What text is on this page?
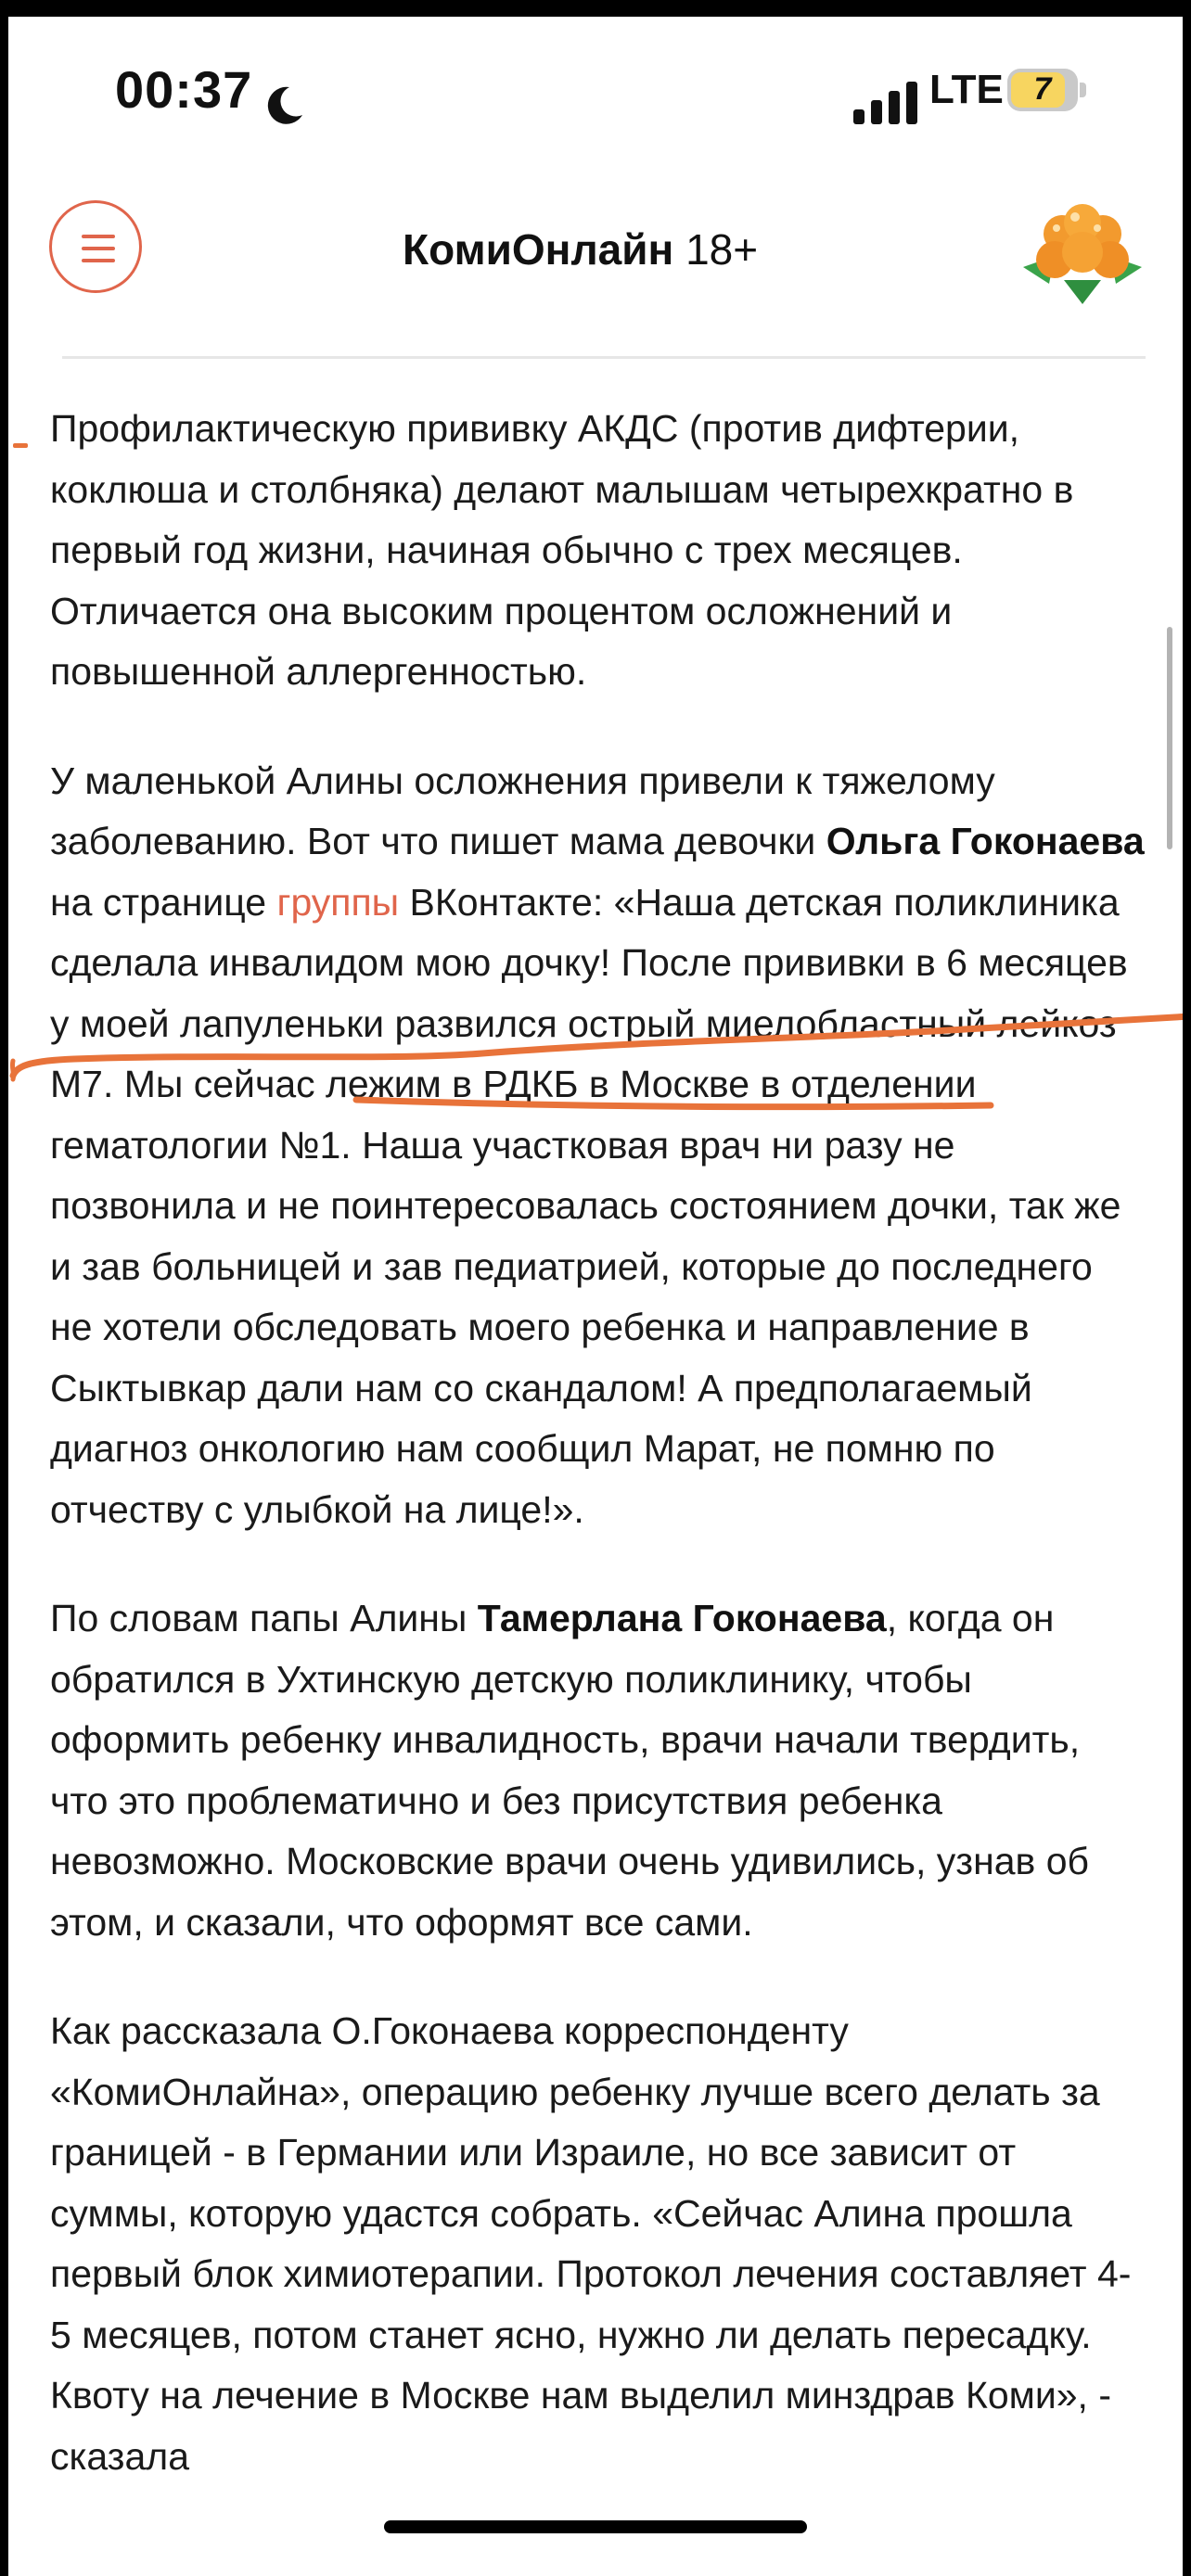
00:37	LTE 7
КомиОнлайн 18+

Профилактическую прививку АКДС (против дифтерии, коклюша и столбняка) делают малышам четырехкратно в первый год жизни, начиная обычно с трех месяцев. Отличается она высоким процентом осложнений и повышенной аллергенностью.

У маленькой Алины осложнения привели к тяжелому заболеванию. Вот что пишет мама девочки Ольга Гоконаева на странице группы ВКонтакте: «Наша детская поликлиника сделала инвалидом мою дочку! После прививки в 6 месяцев у моей лапуленьки развился острый миелобластный лейкоз М7. Мы сейчас лежим в РДКБ в Москве в отделении гематологии №1. Наша участковая врач ни разу не позвонила и не поинтересовалась состоянием дочки, так же и зав больницей и зав педиатрией, которые до последнего не хотели обследовать моего ребенка и направление в Сыктывкар дали нам со скандалом! А предполагаемый диагноз онкологию нам сообщил Марат, не помню по отчеству с улыбкой на лице!».

По словам папы Алины Тамерлана Гоконаева, когда он обратился в Ухтинскую детскую поликлинику, чтобы оформить ребенку инвалидность, врачи начали твердить, что это проблематично и без присутствия ребенка невозможно. Московские врачи очень удивились, узнав об этом, и сказали, что оформят все сами.

Как рассказала О.Гоконаева корреспонденту «КомиОнлайна», операцию ребенку лучше всего делать за границей - в Германии или Израиле, но все зависит от суммы, которую удастся собрать. «Сейчас Алина прошла первый блок химиотерапии. Протокол лечения составляет 4-5 месяцев, потом станет ясно, нужно ли делать пересадку. Квоту на лечение в Москве нам выделил минздрав Коми», - сказала
